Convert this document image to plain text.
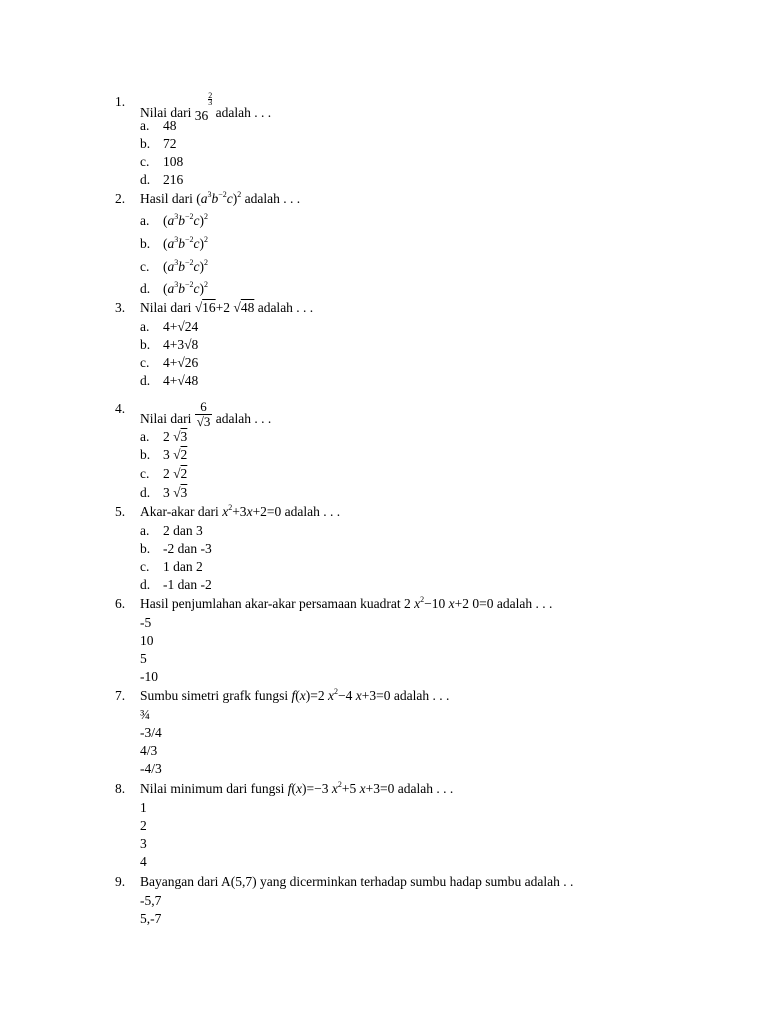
1.
Nilai dari 36
$\frac{2}{3}$
adalah . . .
a. 48
b. 72
c. 108
d. 216
2. Hasil dari $(a^3b^{-2}c)^2$ adalah . . .
a. $(a^3b^{-2}c)^2$
b. $(a^3b^{-2}c)^2$
c. $(a^3b^{-2}c)^2$
d. $(a^3b^{-2}c)^2$
3. Nilai dari √16+2 √48 adalah . . .
a. 4+√24
b. 4+3√8
c. 4+√26
d. 4+√48
4.
Nilai dari $\frac{6}{√3}$ adalah . . .
a. 2 √3
b. 3 √2
c. 2 √2
d. 3 √3
5. Akar-akar dari $x^2+3x+2=0$ adalah . . .
a. 2 dan 3
b. -2 dan -3
c. 1 dan 2
d. -1 dan -2
6. Hasil penjumlahan akar-akar persamaan kuadrat 2 $x^2-10$ x+2 0=0 adalah . . .
-5
10
5
-10
7. Sumbu simetri grafk fungsi f(x)=2 $x^2-4$ x+3=0 adalah . . .
¾
-3/4
4/3
-4/3
8. Nilai minimum dari fungsi f(x)=−3 $x^2+5$ x+3=0 adalah . . .
1
2
3
4
9. Bayangan dari A(5,7) yang dicerminkan terhadap sumbu hadap sumbu adalah . .
-5,7
5,-7
